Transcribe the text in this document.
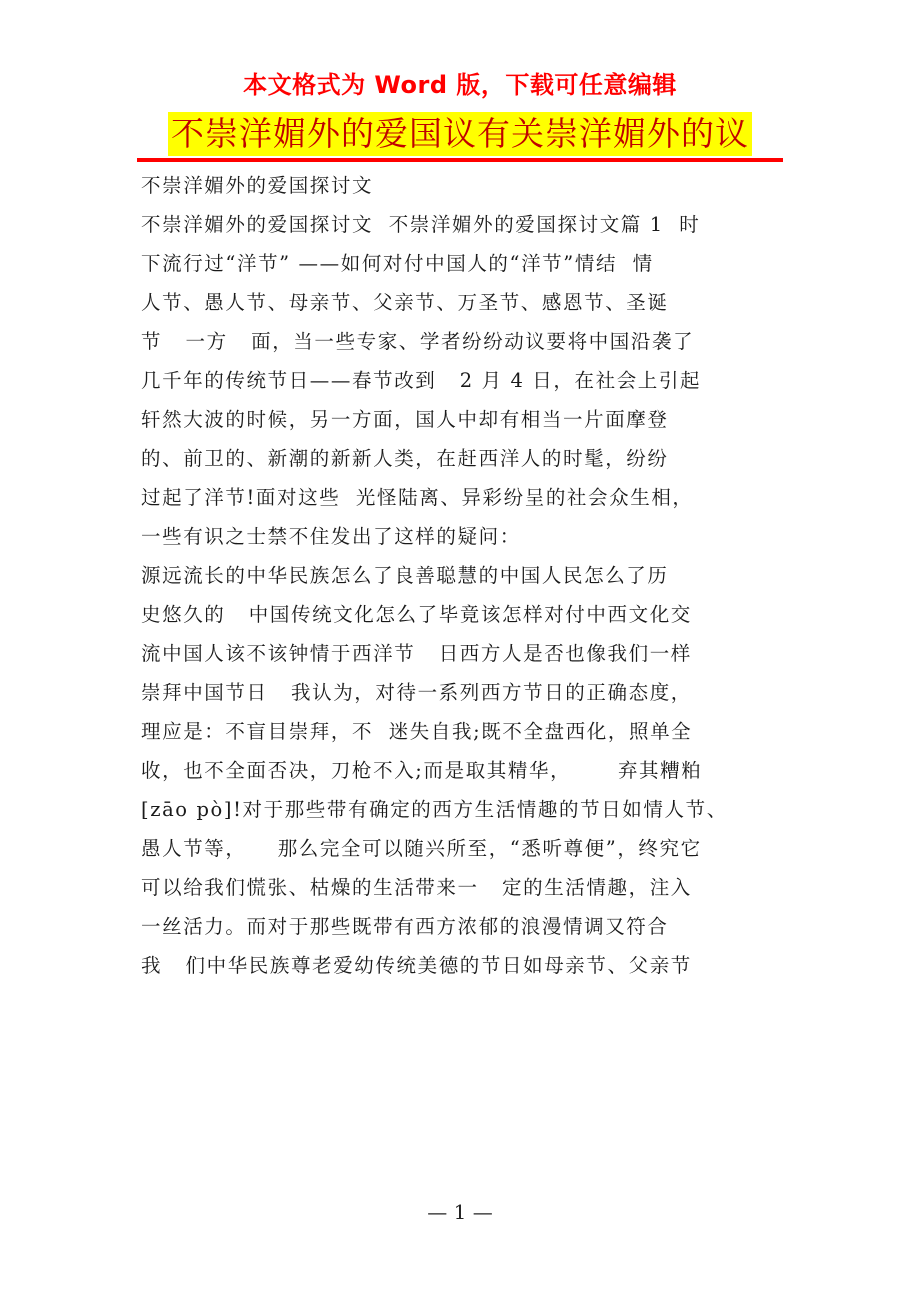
本文格式为 Word 版，下载可任意编辑
不崇洋媚外的爱国议有关崇洋媚外的议
不崇洋媚外的爱国探讨文
不崇洋媚外的爱国探讨文  不崇洋媚外的爱国探讨文篇 1  时
下流行过“洋节” ——如何对付中国人的“洋节”情结  情
人节、愚人节、母亲节、父亲节、万圣节、感恩节、圣诞
节   一方   面，当一些专家、学者纷纷动议要将中国沿袭了
几千年的传统节日——春节改到   2 月 4 日，在社会上引起
轩然大波的时候，另一方面，国人中却有相当一片面摩登
的、前卫的、新潮的新新人类，在赶西洋人的时髦，纷纷
过起了洋节!面对这些  光怪陆离、异彩纷呈的社会众生相，
一些有识之士禁不住发出了这样的疑问：
源远流长的中华民族怎么了良善聪慧的中国人民怎么了历
史悠久的   中国传统文化怎么了毕竟该怎样对付中西文化交
流中国人该不该钟情于西洋节   日西方人是否也像我们一样
崇拜中国节日   我认为，对待一系列西方节日的正确态度，
理应是：不盲目崇拜，不  迷失自我;既不全盘西化，照单全
收，也不全面否决，刀枪不入;而是取其精华，      弃其糟粕
[zāo pò]!对于那些带有确定的西方生活情趣的节日如情人节、
愚人节等，    那么完全可以随兴所至，“悉听尊便”，终究它
可以给我们慌张、枯燥的生活带来一   定的生活情趣，注入
一丝活力。而对于那些既带有西方浓郁的浪漫情调又符合
我   们中华民族尊老爱幼传统美德的节日如母亲节、父亲节
— 1 —
